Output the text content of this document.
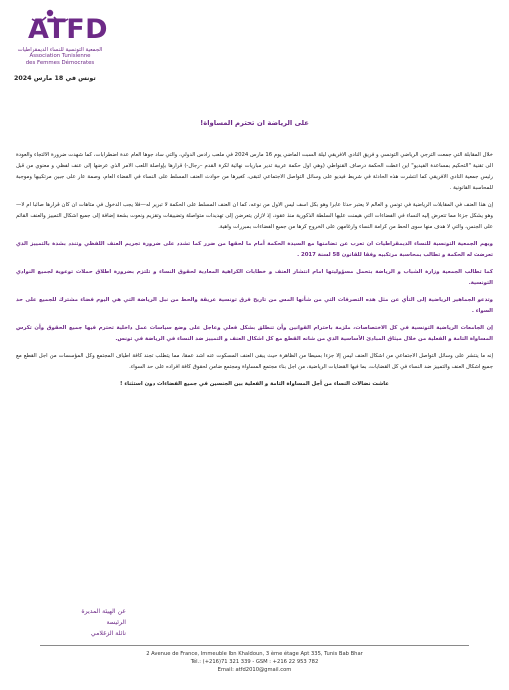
ATFD
الجمعية التونسية للنساء الديمقراطيات
Association Tunisienne
des Femmes Démocrates
تونس في 18 مارس 2024
على الرياضة ان تحترم المساواة!

خلال المقابلة التي جمعت الترجي الرياضي التونسي و فريق النادي الافريقي ليلة السبت الماضي يوم 16 مارس 2024 في ملعب رادس الدولي، والتي ساد جوها العام عدة اضطرابات، كما شهدت ضرورة الالتجاء والعودة الى تقنية "التحكيم بمساعدة الفيديو" اين اعطت الحكمة درصاف القنواطي (وهي اول حكمة عربية تدير مباريات نهائية لكرة القدم –رجال-) قرارها بإواصلة اللعب الامر الذي عرضها إلى عنف لفظي و معنوي من قبل رئيس جمعية النادي الافريقي كما انتشرت هذه الحادثة في شريط فيديو على وسائل التواصل الاجتماعي لتبقى، كغيرها من حوادث العنف المسلط على النساء في الفضاء العام، وصمة عار على جبين مرتكبيها وموجبة للمحاسبة القانونية .

إن هذا العنف في المقابلات الرياضية في تونس و العالم لا يعتبر حدثا عابرا وهو بكل اسف ليس الاول من نوعه، كما ان العنف المسلط على الحكمة لا تبرير له—فلا يجب الدخول في متاهات ان كان قرارها صائبا ام لا— وهو يشكل جزءا مما تتعرض إليه النساء في الفضاءات التي هيمنت عليها السلطة الذكورية منذ عقود، إذ لازلن يتعرضن إلى تهديدات متواصلة وتضييقات وتقزيم ونعوت بشعة إضافة إلى جميع اشكال التمييز والعنف القائم على الجنس، والتي لا هدف منها سوى الحط من كرامة النساء وارغامهن على الخروج كرها من جميع الفضاءات بمبررات واهية.

وبهم الجمعية التونسية للنساء الديمقراطيات ان تعرب عن تضامنها مع السيدة الحكمة أمام ما لحقها من ضرر كما تشدد على ضرورة تجريم العنف اللفظي وتندد بشدة بالتمييز الذي تعرضت له الحكمة و تطالب بمحاسبة مرتكبيه وفقا للقانون 58 لسنة 2017 .

كما تطالب الجمعية وزارة الشباب و الرياضة بتحمل مسؤوليتها امام انتشار العنف و خطابات الكراهية المعادية لحقوق النساء و تلتزم بضرورة اطلاق حملات توعوية لجميع النوادي التونسية.

وتدعو الجماهير الرياضية إلى التأي عن مثل هذه التصرفات التي من شأنها المس من تاريخ فرق تونسية عريقة والحط من نبل الرياضة التي هي اليوم فضاء مشترك للجميع على حد السواء .

إن الجامعات الرياضية التونسية في كل الاختصاصات، ملزمة باحترام القوانين وأن تنطلق بشكل فعلي وعاجل على وضع سياسات عمل داخلية تحترم فيها جميع الحقوق وأن تكرس المساواة التامة و الفعلية من خلال ميثاق المبادئ الأساسية الذي من شانه القطع مع كل اشكال العنف و التمييز ضد النساء في الرياضة في تونس.

إنه ما ينتشر على وسائل التواصل الاجتماعي من اشكال العنف ليس إلا جزءا بسيطا من الظاهرة حيث يبقى العنف المسكوت عنه اشد عمقا، مما يتطلب تجند كافة اطياف المجتمع وكل المؤسسات من اجل القطع مع جميع اشكال العنف والتمييز ضد النساء في كل القضايات، بما فيها القضايات الرياضية، من اجل بناء مجتمع المساواة ومجتمع ضامن لحقوق كافة افراده على حد السواء.

عاشت نضالات النساء من أجل المساواة التامة و الفعلية بين الجنسين في جميع الفضاءات دون استثناء !

عن الهيئة المديرة
الرئيسة
نائلة الزغلامي
2 Avenue de France, Immeuble Ibn Khaldoun, 3 ème étage Apt 335, Tunis Bab Bhar
Tél.: (+216)71 321 339 - GSM : +216 22 953 782
Email: atfd2010@gmail.com
